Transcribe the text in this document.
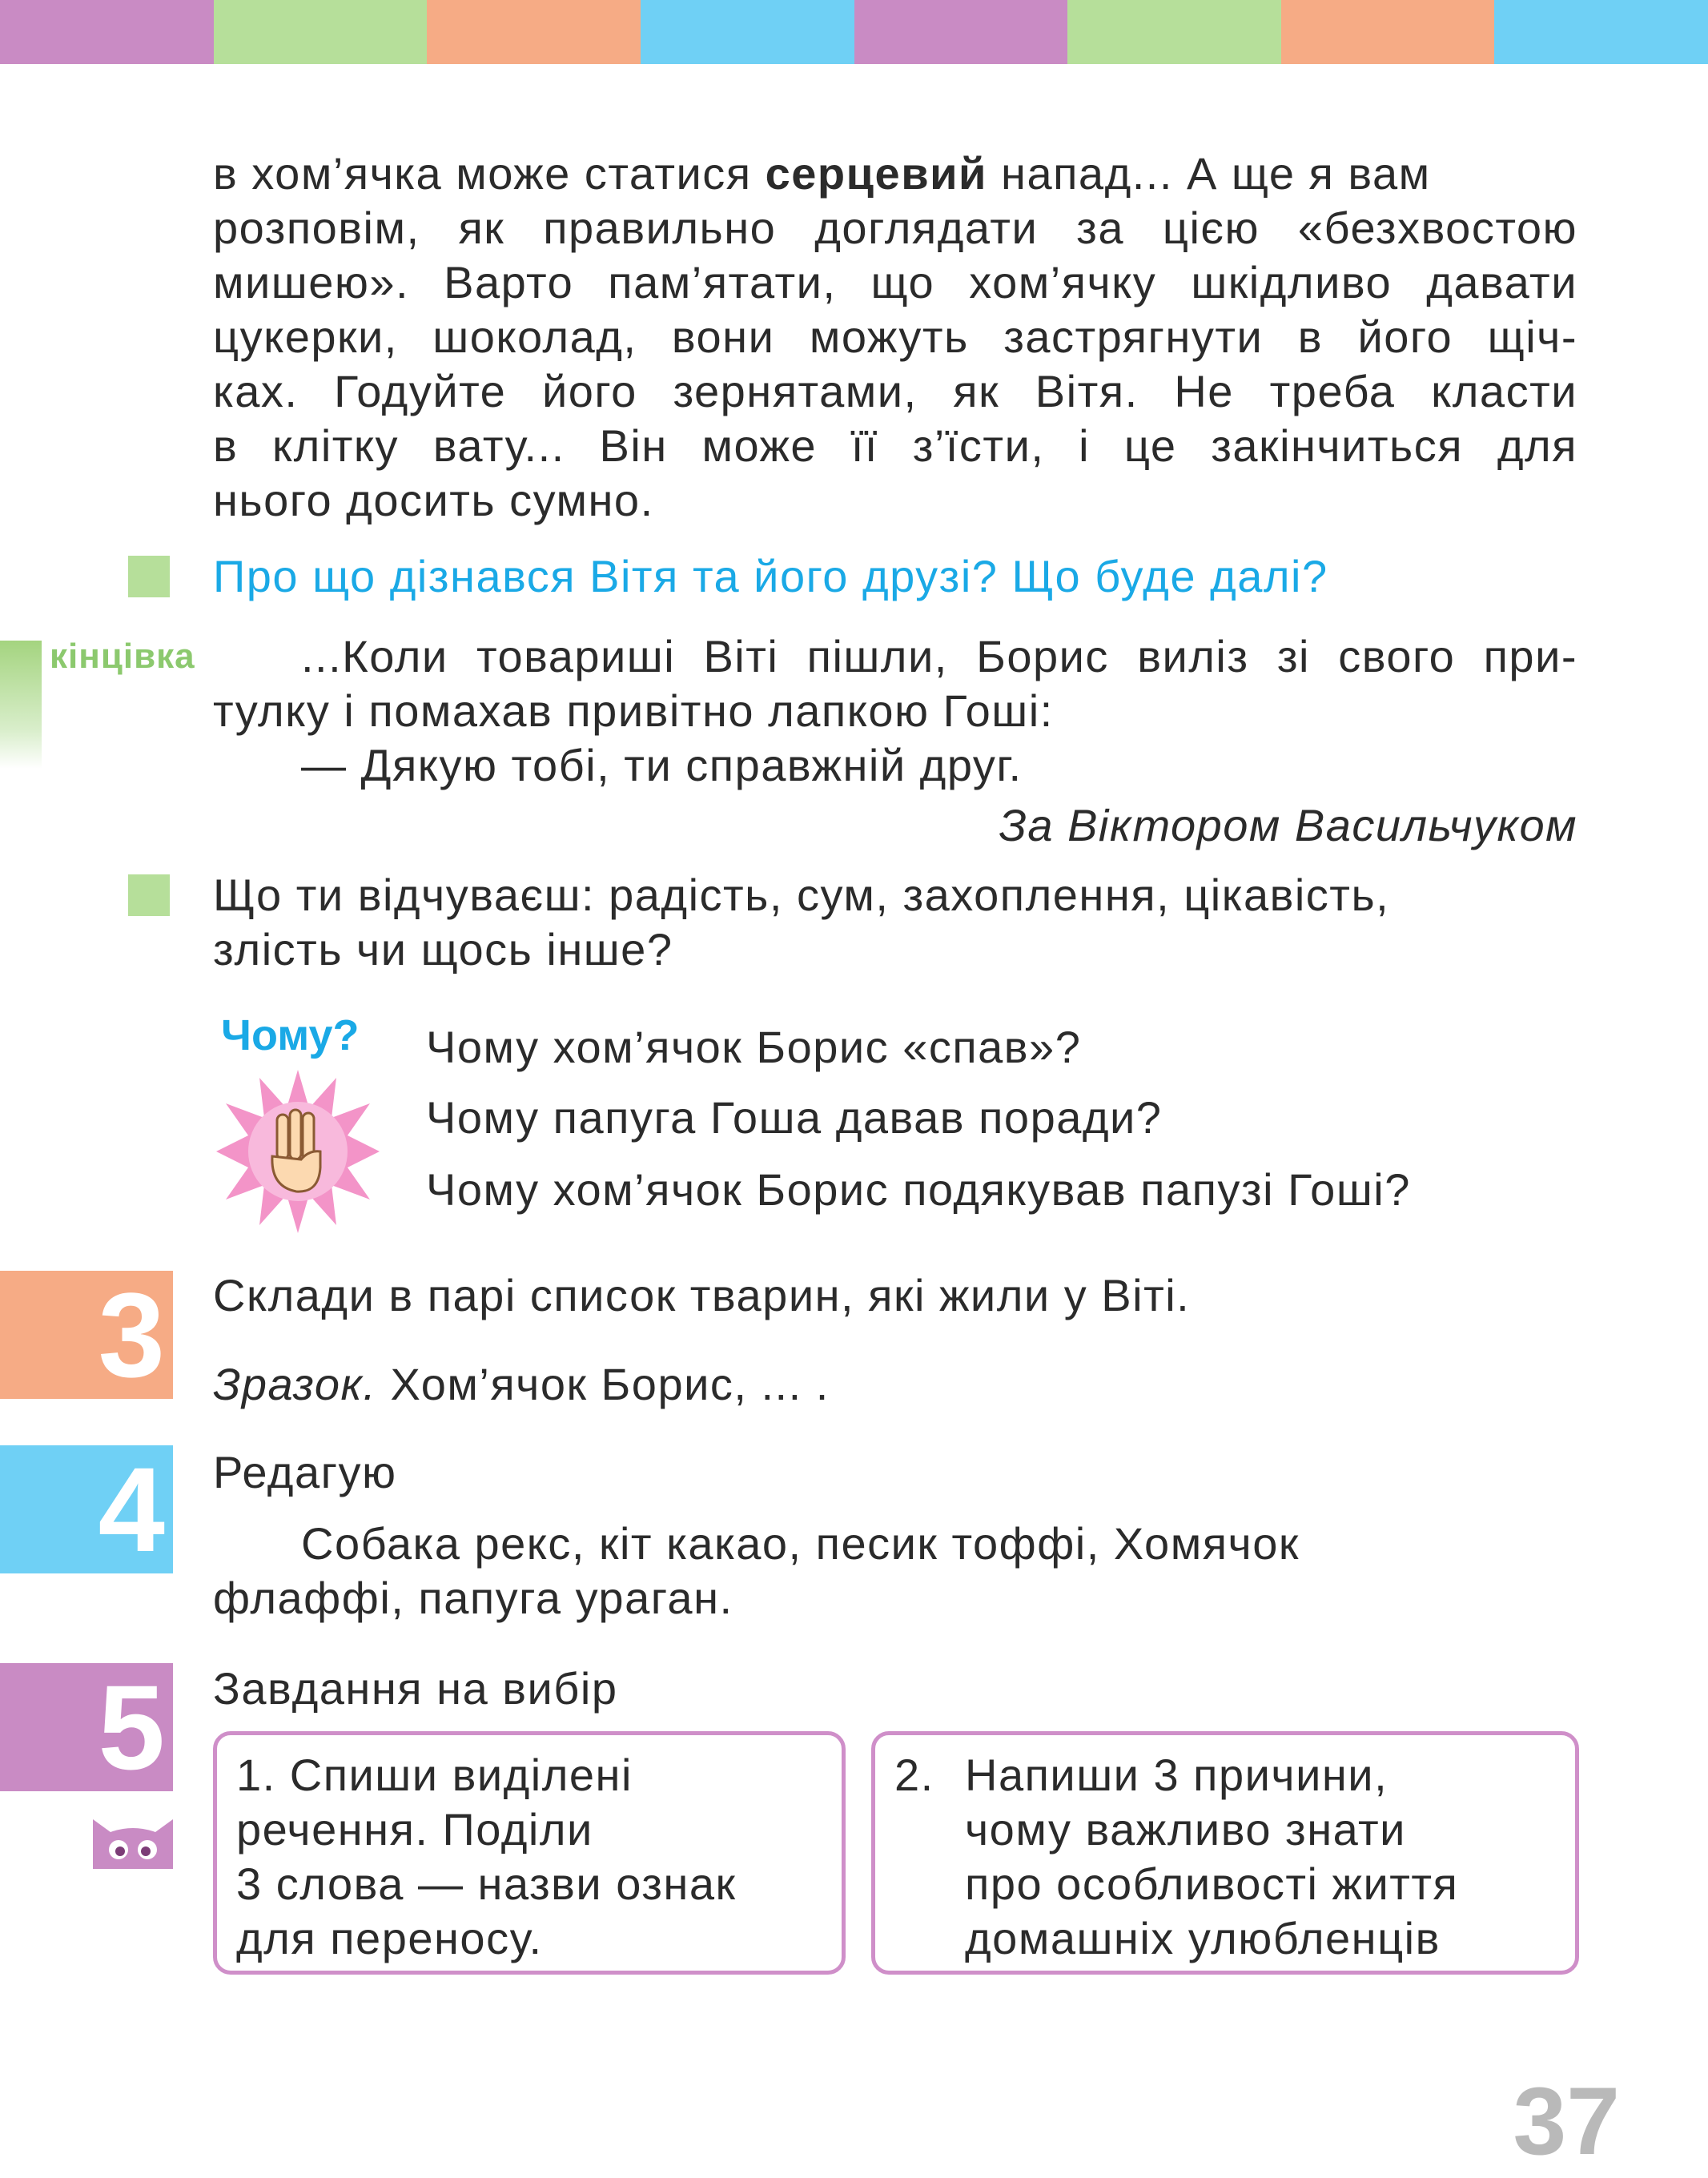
в хом’ячка може статися серцевий напад... А ще я вам
розповім, як правильно доглядати за цією «безхвостою
мишею». Варто пам’ятати, що хом’ячку шкідливо давати
цукерки, шоколад, вони можуть застрягнути в його щіч-
ках. Годуйте його зернятами, як Вітя. Не треба класти
в клітку вату... Він може її з’їсти, і це закінчиться для
нього досить сумно.
Про що дізнався Вітя та його друзі? Що буде далі?
кінцівка ...Коли товариші Віті пішли, Борис виліз зі свого при-
тулку і помахав привітно лапкою Гоші:
— Дякую тобі, ти справжній друг.
За Віктором Васильчуком
Що ти відчуваєш: радість, сум, захоплення, цікавість,
злість чи щось інше?
Чому? Чому хом’ячок Борис «спав»?
Чому папуга Гоша давав поради?
Чому хом’ячок Борис подякував папузі Гоші?
3 Склади в парі список тварин, які жили у Віті.
Зразок. Хом’ячок Борис, ... .
4 Редагую
Собака рекс, кіт какао, песик тоффі, Хомячок
флаффі, папуга ураган.
5 Завдання на вибір
1. Спиши виділені
речення. Поділи
3 слова — назви ознак
для переносу.
2. Напиши 3 причини,
чому важливо знати
про особливості життя
домашніх улюбленців
37
